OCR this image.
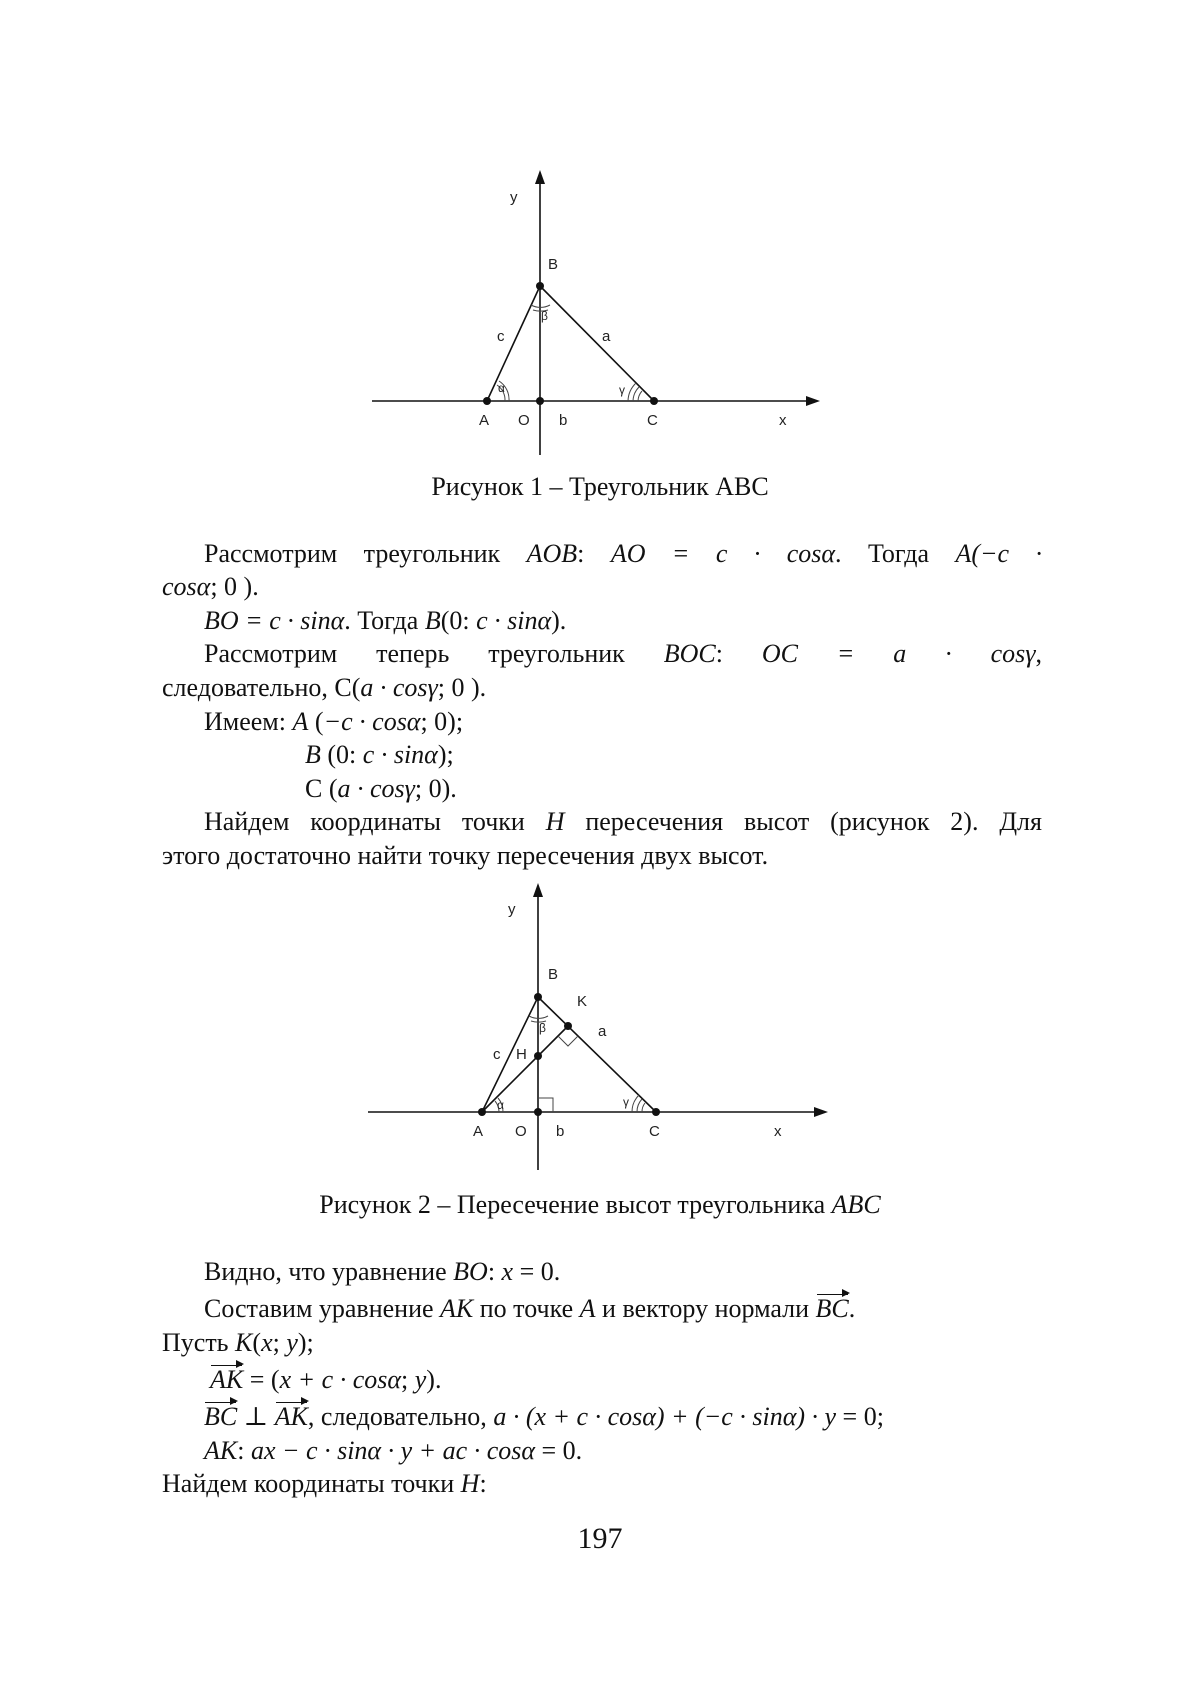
y
B
c	a
β
α	γ
A O b	C	x
Рисунок 1 – Треугольник АВС
Рассмотрим треугольник AOB: AO = c · cosα. Тогда A(−c ·
cosα; 0 ).
BO = c · sinα. Тогда B(0: c · sinα).
Рассмотрим теперь треугольник BOC: OC = a · cosγ,
следовательно, С(a · cosγ; 0 ).
Имеем: A (−c · cosα; 0);
B (0: c · sinα);
С (a · cosγ; 0).
Найдем координаты точки H пересечения высот (рисунок 2). Для
этого достаточно найти точку пересечения двух высот.
y
B
K
a
c H
β
α	γ
A O b	C	x
Рисунок 2 – Пересечение высот треугольника ABC
Видно, что уравнение BO: x = 0.
Составим уравнение AK по точке A и вектору нормали BC.
Пусть K(x; y);
AK = (x + c · cosα; y).
BC ⊥ AK, следовательно, a · (x + c · cosα) + (−c · sinα) · y = 0;
AK: ax − c · sinα · y + ac · cosα = 0.
Найдем координаты точки H:
197
